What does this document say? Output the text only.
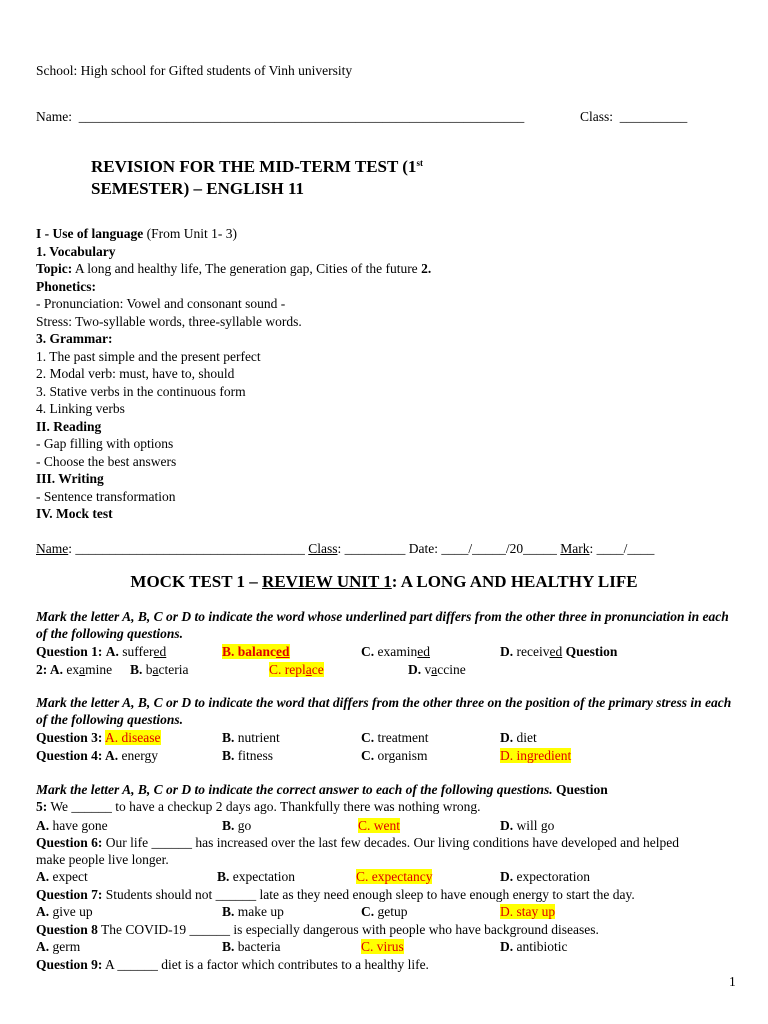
School: High school for Gifted students of Vinh university
Name: __________________________________________________________________	Class: __________
REVISION FOR THE MID-TERM TEST (1st
SEMESTER) – ENGLISH 11
I - Use of language (From Unit 1- 3)
1. Vocabulary
Topic: A long and healthy life, The generation gap, Cities of the future 2.
Phonetics:
- Pronunciation: Vowel and consonant sound -
Stress: Two-syllable words, three-syllable words.
3. Grammar:
1. The past simple and the present perfect
2. Modal verb: must, have to, should
3. Stative verbs in the continuous form
4. Linking verbs
II. Reading
- Gap filling with options
- Choose the best answers
III. Writing
- Sentence transformation
IV. Mock test
Name: __________________________________ Class: _________ Date: ____/_____/20_____ Mark: ____/____
MOCK TEST 1 – REVIEW UNIT 1: A LONG AND HEALTHY LIFE
Mark the letter A, B, C or D to indicate the word whose underlined part differs from the other three in pronunciation in each of the following questions.
Question 1: A. suffered	B. balanced	C. examined	D. received Question
2: A. examine B. bacteria	C. replace	D. vaccine
Mark the letter A, B, C or D to indicate the word that differs from the other three on the position of the primary stress in each of the following questions.
Question 3: A. disease	B. nutrient	C. treatment	D. diet
Question 4: A. energy	B. fitness	C. organism	D. ingredient
Mark the letter A, B, C or D to indicate the correct answer to each of the following questions. Question
5: We ______ to have a checkup 2 days ago. Thankfully there was nothing wrong.
A. have gone	B. go	C. went	D. will go
Question 6: Our life ______ has increased over the last few decades. Our living conditions have developed and helped
make people live longer.
A. expect	B. expectation	C. expectancy	D. expectoration
Question 7: Students should not ______ late as they need enough sleep to have enough energy to start the day.
A. give up	B. make up	C. getup	D. stay up
Question 8 The COVID-19 ______ is especially dangerous with people who have background diseases.
A. germ	B. bacteria	C. virus	D. antibiotic
Question 9: A ______ diet is a factor which contributes to a healthy life.
1
